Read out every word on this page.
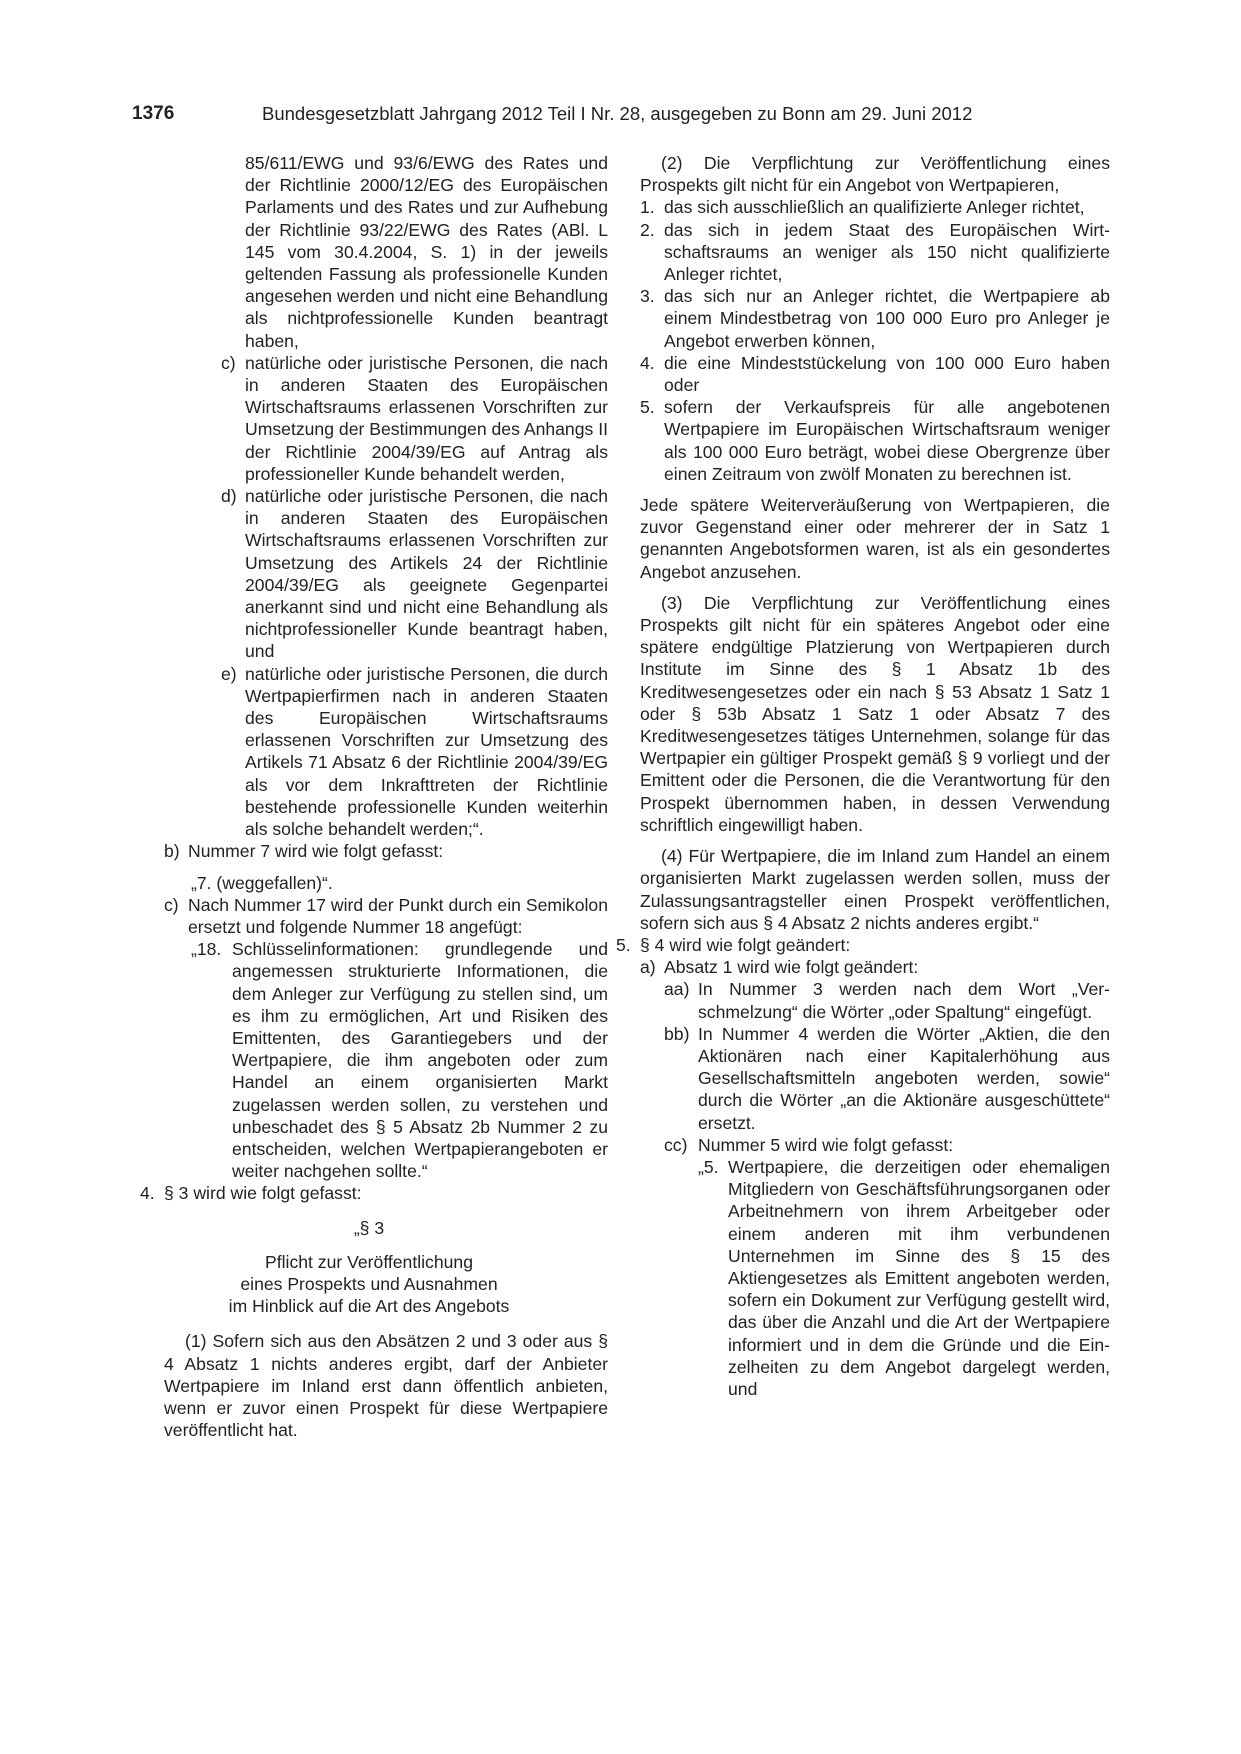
1376	Bundesgesetzblatt Jahrgang 2012 Teil I Nr. 28, ausgegeben zu Bonn am 29. Juni 2012

85/611/EWG und 93/6/EWG des Rates und der Richtlinie 2000/12/EG des Europäischen Parlaments und des Rates und zur Aufhebung der Richtlinie 93/22/EWG des Rates (ABl. L 145 vom 30.4.2004, S. 1) in der jeweils geltenden Fassung als professionelle Kunden angesehen werden und nicht eine Behandlung als nichtprofessionelle Kunden beantragt haben,

c) natürliche oder juristische Personen, die nach in anderen Staaten des Europäischen Wirtschaftsraums erlassenen Vorschriften zur Umsetzung der Bestimmungen des Anhangs II der Richtlinie 2004/39/EG auf Antrag als professioneller Kunde behandelt werden,
d) natürliche oder juristische Personen, die nach in anderen Staaten des Europäischen Wirtschaftsraums erlassenen Vorschriften zur Umsetzung des Artikels 24 der Richtlinie 2004/39/EG als geeignete Gegenpartei anerkannt sind und nicht eine Behandlung als nichtprofessioneller Kunde beantragt haben, und
e) natürliche oder juristische Personen, die durch Wertpapierfirmen nach in anderen Staaten des Europäischen Wirtschaftsraums erlassenen Vorschriften zur Umsetzung des Artikels 71 Absatz 6 der Richtlinie 2004/39/EG als vor dem Inkrafttreten der Richtlinie bestehende professionelle Kunden weiterhin als solche behandelt werden;“.
b) Nummer 7 wird wie folgt gefasst:

„7. (weggefallen)“.

c) Nach Nummer 17 wird der Punkt durch ein Semikolon ersetzt und folgende Nummer 18 angefügt:
„18. Schlüsselinformationen: grundlegende und angemessen strukturierte Informationen, die dem Anleger zur Verfügung zu stellen sind, um es ihm zu ermöglichen, Art und Risiken des Emittenten, des Garantiegebers und der Wertpapiere, die ihm angeboten oder zum Handel an einem organisierten Markt zugelassen werden sollen, zu verstehen und unbeschadet des § 5 Absatz 2b Nummer 2 zu entscheiden, welchen Wertpapierangeboten er weiter nachgehen sollte.“
4. § 3 wird wie folgt gefasst:

„§ 3

Pflicht zur Veröffentlichung

eines Prospekts und Ausnahmen

im Hinblick auf die Art des Angebots

(1) Sofern sich aus den Absätzen 2 und 3 oder aus § 4 Absatz 1 nichts anderes ergibt, darf der Anbieter Wertpapiere im Inland erst dann öffentlich anbieten, wenn er zuvor einen Prospekt für diese Wertpapiere veröffentlicht hat.

(2) Die Verpflichtung zur Veröffentlichung eines Prospekts gilt nicht für ein Angebot von Wertpapieren,

1. das sich ausschließlich an qualifizierte Anleger richtet,
2. das sich in jedem Staat des Europäischen Wirtschaftsraums an weniger als 150 nicht qualifizierte Anleger richtet,
3. das sich nur an Anleger richtet, die Wertpapiere ab einem Mindestbetrag von 100 000 Euro pro Anleger je Angebot erwerben können,
4. die eine Mindeststückelung von 100 000 Euro haben oder
5. sofern der Verkaufspreis für alle angebotenen Wertpapiere im Europäischen Wirtschaftsraum weniger als 100 000 Euro beträgt, wobei diese Obergrenze über einen Zeitraum von zwölf Monaten zu berechnen ist.

Jede spätere Weiterveräußerung von Wertpapieren, die zuvor Gegenstand einer oder mehrerer der in Satz 1 genannten Angebotsformen waren, ist als ein gesondertes Angebot anzusehen.

(3) Die Verpflichtung zur Veröffentlichung eines Prospekts gilt nicht für ein späteres Angebot oder eine spätere endgültige Platzierung von Wertpapieren durch Institute im Sinne des § 1 Absatz 1b des Kreditwesengesetzes oder ein nach § 53 Absatz 1 Satz 1 oder § 53b Absatz 1 Satz 1 oder Absatz 7 des Kreditwesengesetzes tätiges Unternehmen, solange für das Wertpapier ein gültiger Prospekt gemäß § 9 vorliegt und der Emittent oder die Personen, die die Verantwortung für den Prospekt übernommen haben, in dessen Verwendung schriftlich eingewilligt haben.

(4) Für Wertpapiere, die im Inland zum Handel an einem organisierten Markt zugelassen werden sollen, muss der Zulassungsantragsteller einen Prospekt veröffentlichen, sofern sich aus § 4 Absatz 2 nichts anderes ergibt.“

5. § 4 wird wie folgt geändert:
a) Absatz 1 wird wie folgt geändert:
aa) In Nummer 3 werden nach dem Wort „Verschmelzung“ die Wörter „oder Spaltung“ eingefügt.
bb) In Nummer 4 werden die Wörter „Aktien, die den Aktionären nach einer Kapitalerhöhung aus Gesellschaftsmitteln angeboten werden, sowie“ durch die Wörter „an die Aktionäre ausgeschüttete“ ersetzt.
cc) Nummer 5 wird wie folgt gefasst:
„5. Wertpapiere, die derzeitigen oder ehemaligen Mitgliedern von Geschäftsführungsorganen oder Arbeitnehmern von ihrem Arbeitgeber oder einem anderen mit ihm verbundenen Unternehmen im Sinne des § 15 des Aktiengesetzes als Emittent angeboten werden, sofern ein Dokument zur Verfügung gestellt wird, das über die Anzahl und die Art der Wertpapiere informiert und in dem die Gründe und die Einzelheiten zu dem Angebot dargelegt werden, und
